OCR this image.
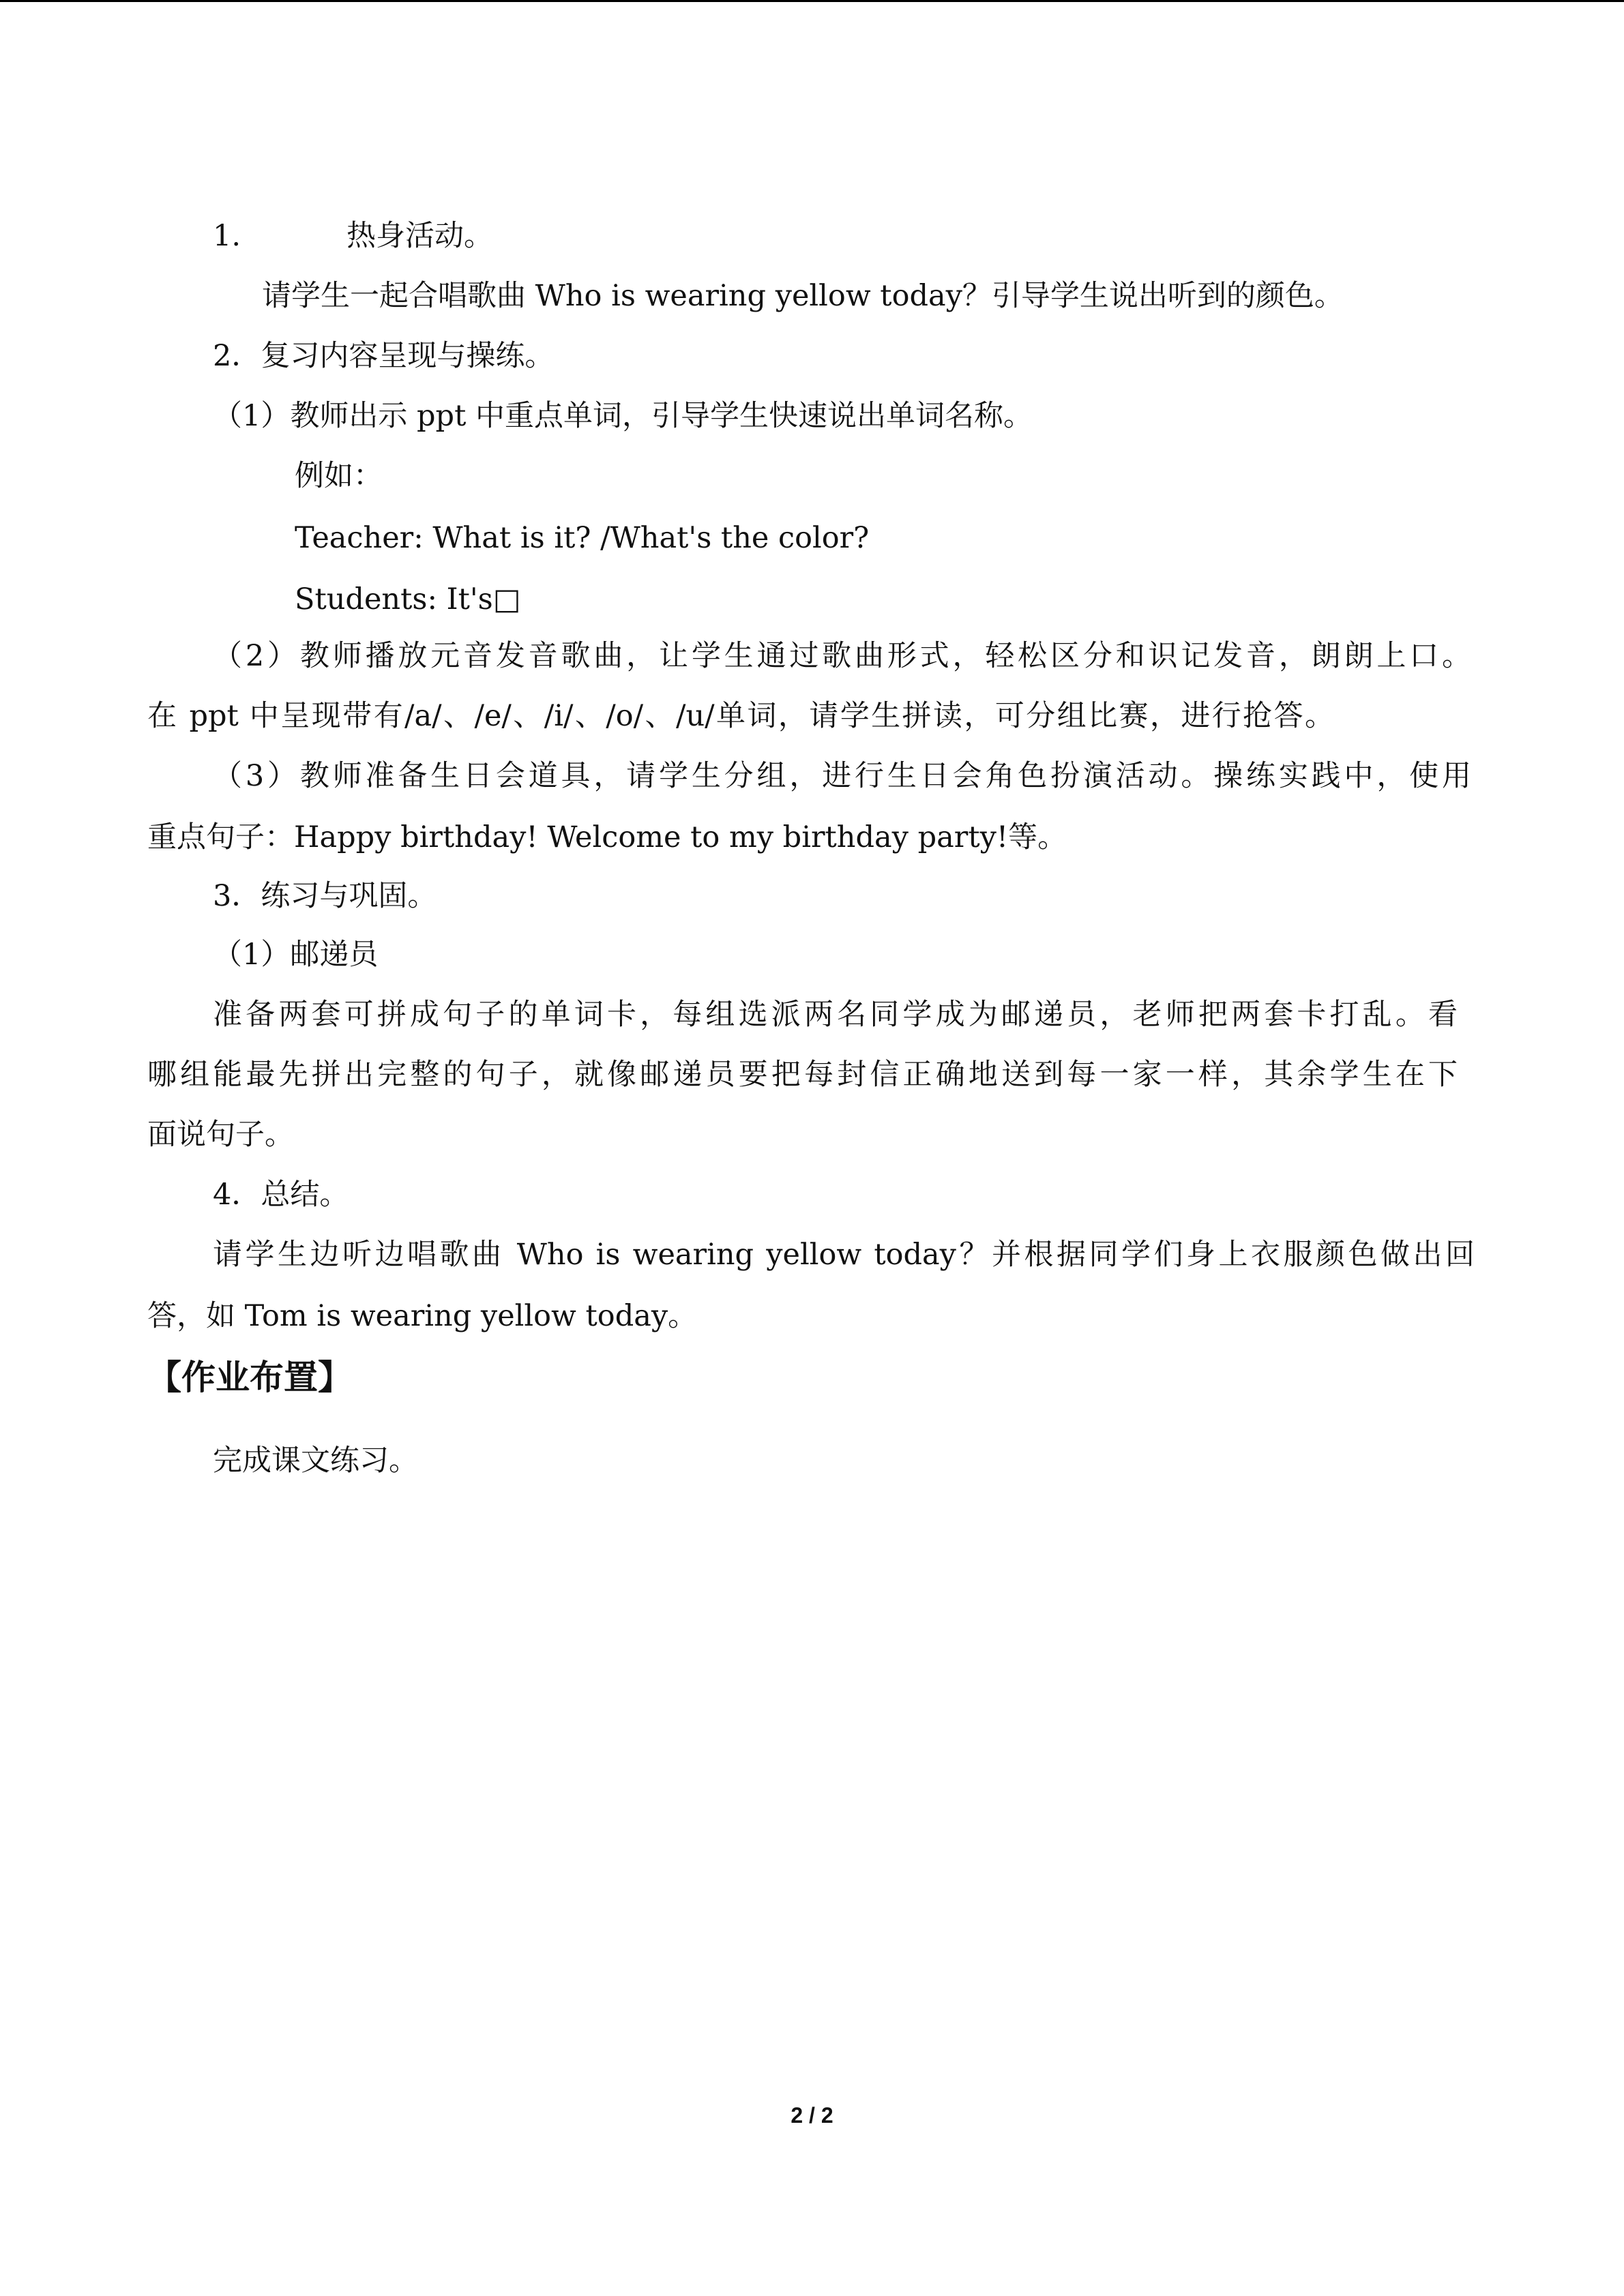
1.	热身活动。
请学生一起合唱歌曲 Who is wearing yellow today？引导学生说出听到的颜色。
2．复习内容呈现与操练。
（1）教师出示 ppt 中重点单词，引导学生快速说出单词名称。
例如：
Teacher: What is it? /What's the color?
Students: It's□
（2）教师播放元音发音歌曲，让学生通过歌曲形式，轻松区分和识记发音，朗朗上口。
在 ppt 中呈现带有/a/、/e/、/i/、/o/、/u/单词，请学生拼读，可分组比赛，进行抢答。
（3）教师准备生日会道具，请学生分组，进行生日会角色扮演活动。操练实践中，使用
重点句子：Happy birthday! Welcome to my birthday party!等。
3．练习与巩固。
（1）邮递员
准备两套可拼成句子的单词卡，每组选派两名同学成为邮递员，老师把两套卡打乱。看
哪组能最先拼出完整的句子，就像邮递员要把每封信正确地送到每一家一样，其余学生在下
面说句子。
4．总结。
请学生边听边唱歌曲 Who is wearing yellow today？并根据同学们身上衣服颜色做出回
答，如 Tom is wearing yellow today。
【作业布置】
完成课文练习。
2 / 2
